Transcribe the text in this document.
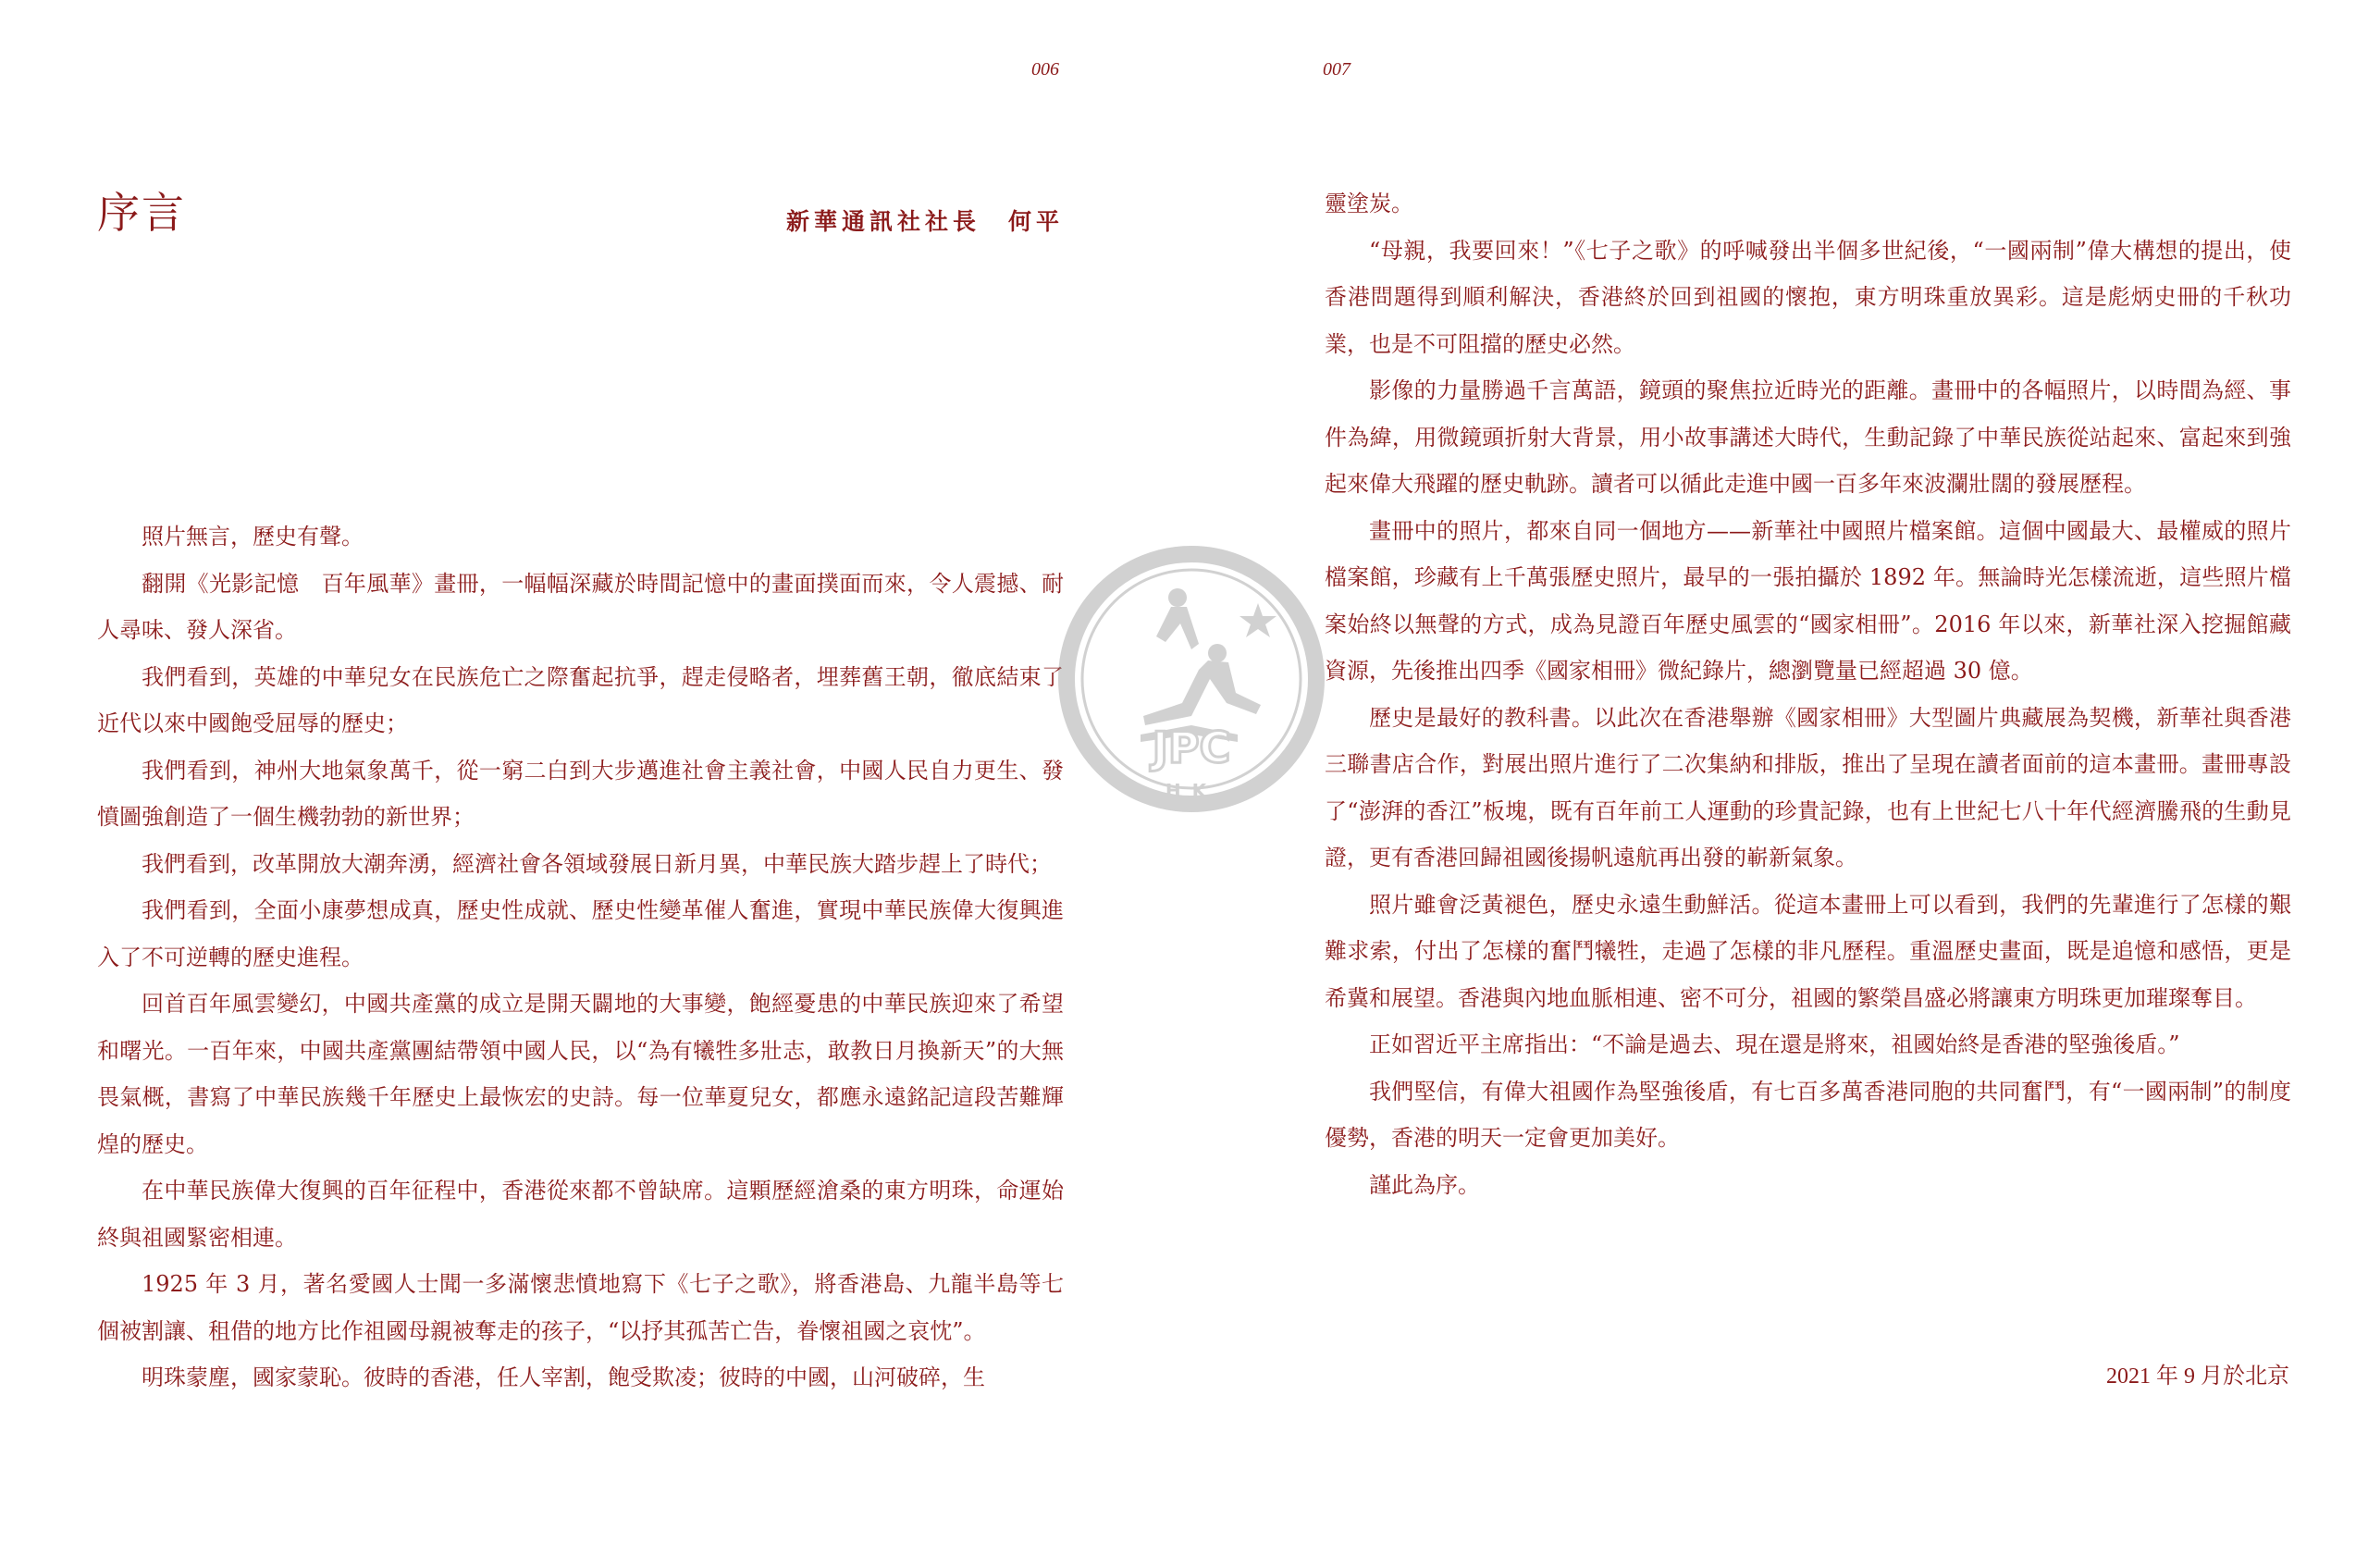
006
序言	新華通訊社社長　何平

照片無言，歷史有聲。

翻開《光影記憶　百年風華》畫冊，一幅幅深藏於時間記憶中的畫面撲面而來，令人震撼、耐人尋味、發人深省。

我們看到，英雄的中華兒女在民族危亡之際奮起抗爭，趕走侵略者，埋葬舊王朝，徹底結束了近代以來中國飽受屈辱的歷史；

我們看到，神州大地氣象萬千，從一窮二白到大步邁進社會主義社會，中國人民自力更生、發憤圖強創造了一個生機勃勃的新世界；

我們看到，改革開放大潮奔湧，經濟社會各領域發展日新月異，中華民族大踏步趕上了時代；

我們看到，全面小康夢想成真，歷史性成就、歷史性變革催人奮進，實現中華民族偉大復興進入了不可逆轉的歷史進程。

回首百年風雲變幻，中國共產黨的成立是開天闢地的大事變，飽經憂患的中華民族迎來了希望和曙光。一百年來，中國共產黨團結帶領中國人民，以“為有犧牲多壯志，敢教日月換新天”的大無畏氣概，書寫了中華民族幾千年歷史上最恢宏的史詩。每一位華夏兒女，都應永遠銘記這段苦難輝煌的歷史。

在中華民族偉大復興的百年征程中，香港從來都不曾缺席。這顆歷經滄桑的東方明珠，命運始終與祖國緊密相連。

1925 年 3 月，著名愛國人士聞一多滿懷悲憤地寫下《七子之歌》，將香港島、九龍半島等七個被割讓、租借的地方比作祖國母親被奪走的孩子，“以抒其孤苦亡告，眷懷祖國之哀忱”。

明珠蒙塵，國家蒙恥。彼時的香港，任人宰割，飽受欺凌；彼時的中國，山河破碎，生

007

靈塗炭。

“母親，我要回來！”《七子之歌》的呼喊發出半個多世紀後，“一國兩制”偉大構想的提出，使香港問題得到順利解決，香港終於回到祖國的懷抱，東方明珠重放異彩。這是彪炳史冊的千秋功業，也是不可阻擋的歷史必然。

影像的力量勝過千言萬語，鏡頭的聚焦拉近時光的距離。畫冊中的各幅照片，以時間為經、事件為緯，用微鏡頭折射大背景，用小故事講述大時代，生動記錄了中華民族從站起來、富起來到強起來偉大飛躍的歷史軌跡。讀者可以循此走進中國一百多年來波瀾壯闊的發展歷程。

畫冊中的照片，都來自同一個地方——新華社中國照片檔案館。這個中國最大、最權威的照片檔案館，珍藏有上千萬張歷史照片，最早的一張拍攝於 1892 年。無論時光怎樣流逝，這些照片檔案始終以無聲的方式，成為見證百年歷史風雲的“國家相冊”。2016 年以來，新華社深入挖掘館藏資源，先後推出四季《國家相冊》微紀錄片，總瀏覽量已經超過 30 億。

歷史是最好的教科書。以此次在香港舉辦《國家相冊》大型圖片典藏展為契機，新華社與香港三聯書店合作，對展出照片進行了二次集納和排版，推出了呈現在讀者面前的這本畫冊。畫冊專設了“澎湃的香江”板塊，既有百年前工人運動的珍貴記錄，也有上世紀七八十年代經濟騰飛的生動見證，更有香港回歸祖國後揚帆遠航再出發的嶄新氣象。

照片雖會泛黃褪色，歷史永遠生動鮮活。從這本畫冊上可以看到，我們的先輩進行了怎樣的艱難求索，付出了怎樣的奮鬥犧牲，走過了怎樣的非凡歷程。重溫歷史畫面，既是追憶和感悟，更是希冀和展望。香港與內地血脈相連、密不可分，祖國的繁榮昌盛必將讓東方明珠更加璀璨奪目。

正如習近平主席指出：“不論是過去、現在還是將來，祖國始終是香港的堅強後盾。”

我們堅信，有偉大祖國作為堅強後盾，有七百多萬香港同胞的共同奮鬥，有“一國兩制”的制度優勢，香港的明天一定會更加美好。

謹此為序。

2021 年 9 月於北京
JPC
HK
